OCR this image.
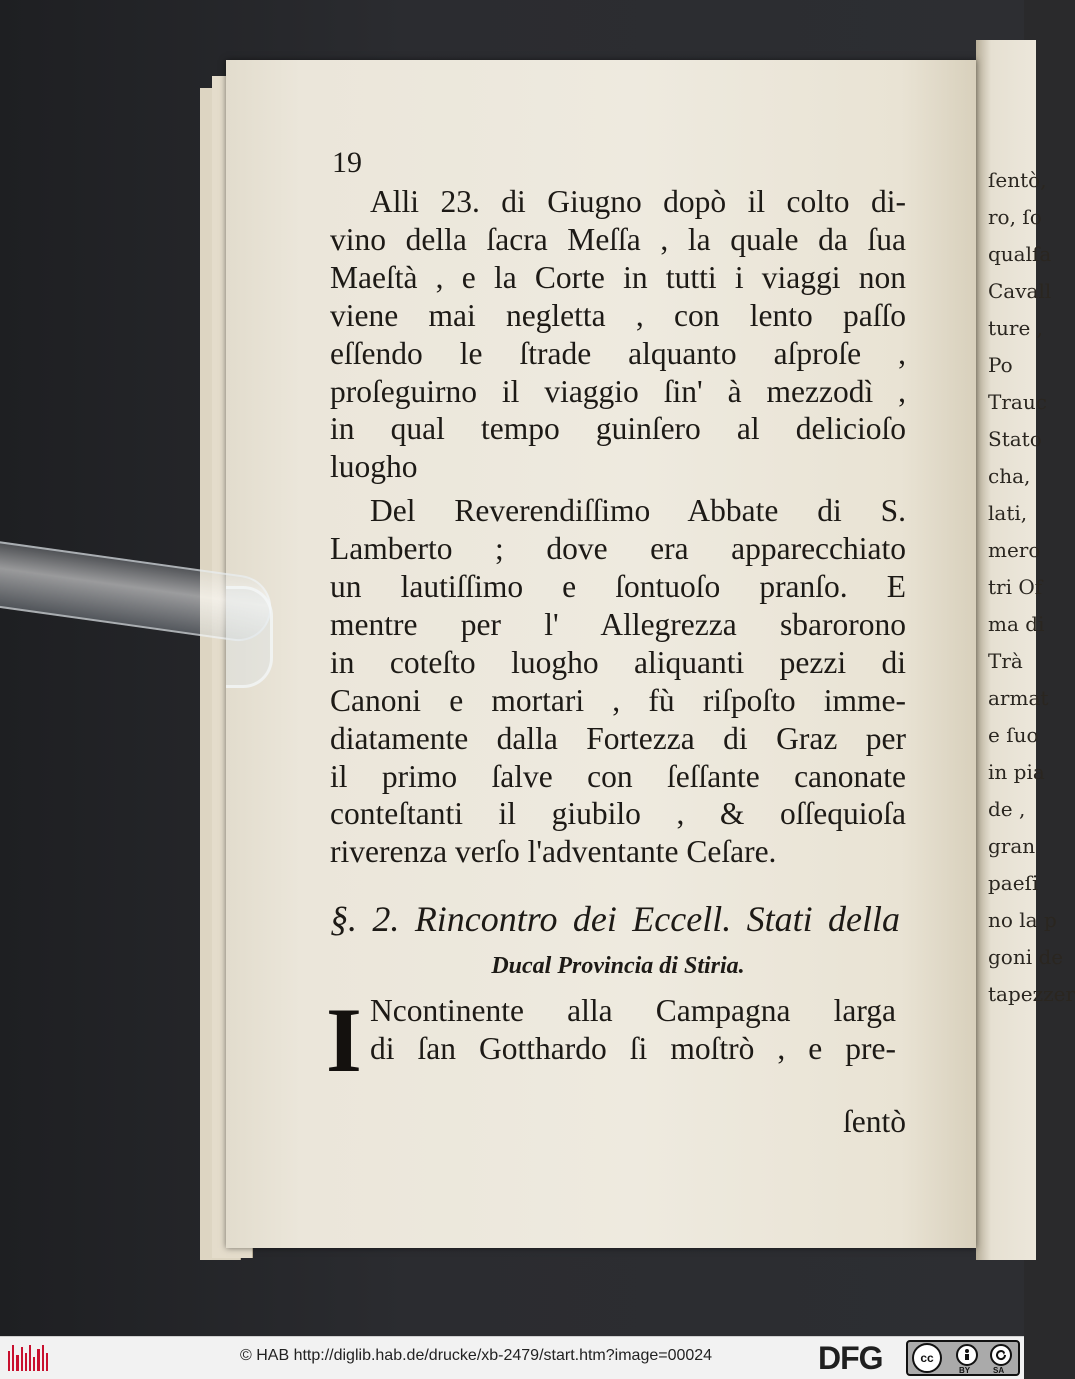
ſentò,
ro, ſo
qualſa
Cavall
ture ,
Po
Trauc
Stato
cha,
lati,
mero
tri Of
ma di
Trà
armat
e ſuo
in pia
de ,
gran
paeſi
no la p
goni de
tapezzer
19
Alli 23. di Giugno dopò il colto di-
vino della ſacra Meſſa , la quale da ſua
Maeſtà , e la Corte in tutti i viaggi non
viene mai negletta , con lento paſſo
eſſendo le ſtrade alquanto aſproſe ,
proſeguirno il viaggio ſin' à mezzodì ,
in qual tempo guinſero al delicioſo
luogho
Del Reverendiſſimo Abbate di S.
Lamberto ; dove era apparecchiato
un lautiſſimo e ſontuoſo pranſo. E
mentre per l' Allegrezza sbarorono
in coteſto luogho aliquanti pezzi di
Canoni e mortari , fù riſpoſto imme-
diatamente dalla Fortezza di Graz per
il primo ſalve con ſeſſante canonate
conteſtanti il giubilo , & oſſequioſa
riverenza verſo l'adventante Ceſare.
§. 2. Rincontro dei Eccell. Stati della
Ducal Provincia di Stiria.
I Ncontinente alla Campagna larga
di ſan Gotthardo ſi moſtrò , e pre-
ſentò
© HAB http://diglib.hab.de/drucke/xb-2479/start.htm?image=00024	DFG	cc
BY	SA
